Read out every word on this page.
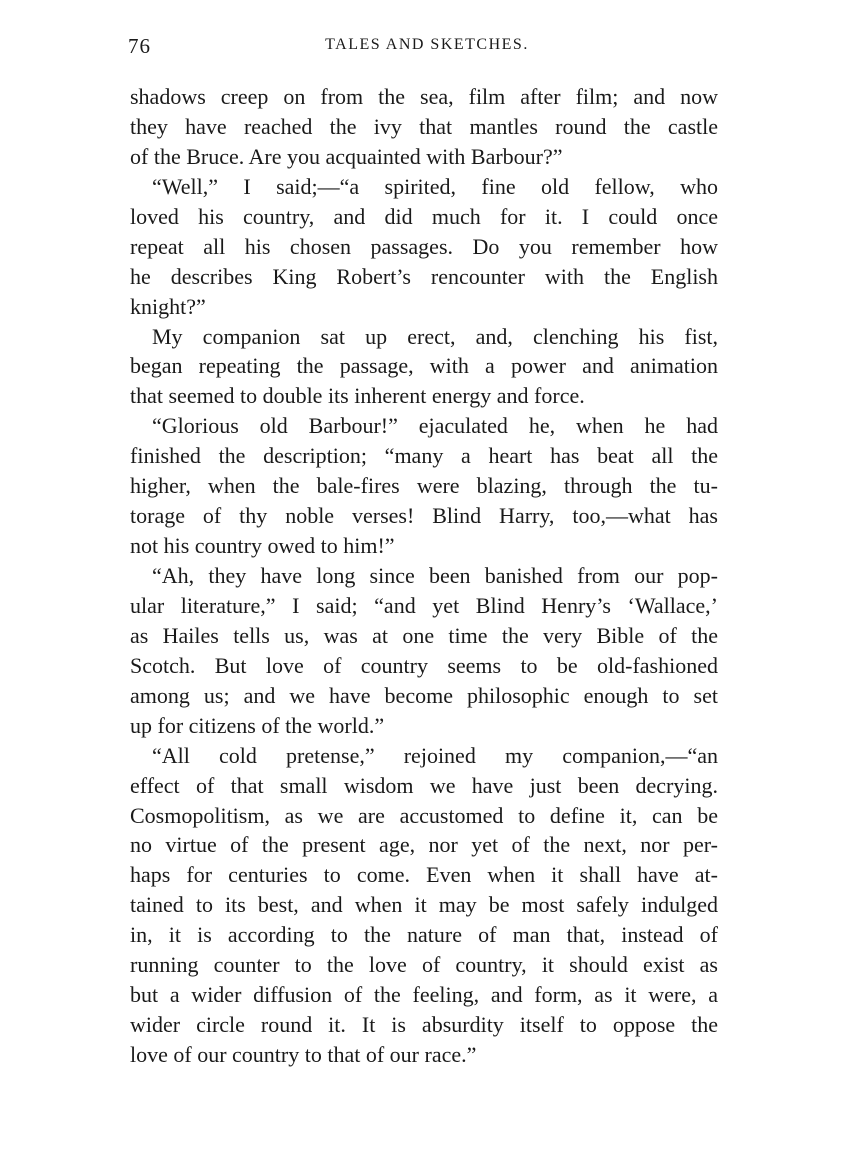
76	TALES AND SKETCHES.
shadows creep on from the sea, film after film; and now
they have reached the ivy that mantles round the castle
of the Bruce. Are you acquainted with Barbour?”
“Well,” I said;—“a spirited, fine old fellow, who
loved his country, and did much for it. I could once
repeat all his chosen passages. Do you remember how
he describes King Robert’s rencounter with the English
knight?”
My companion sat up erect, and, clenching his fist,
began repeating the passage, with a power and animation
that seemed to double its inherent energy and force.
“Glorious old Barbour!” ejaculated he, when he had
finished the description; “many a heart has beat all the
higher, when the bale-fires were blazing, through the tu-
torage of thy noble verses! Blind Harry, too,—what has
not his country owed to him!”
“Ah, they have long since been banished from our pop-
ular literature,” I said; “and yet Blind Henry’s ‘Wallace,’
as Hailes tells us, was at one time the very Bible of the
Scotch. But love of country seems to be old-fashioned
among us; and we have become philosophic enough to set
up for citizens of the world.”
“All cold pretense,” rejoined my companion,—“an
effect of that small wisdom we have just been decrying.
Cosmopolitism, as we are accustomed to define it, can be
no virtue of the present age, nor yet of the next, nor per-
haps for centuries to come. Even when it shall have at-
tained to its best, and when it may be most safely indulged
in, it is according to the nature of man that, instead of
running counter to the love of country, it should exist as
but a wider diffusion of the feeling, and form, as it were, a
wider circle round it. It is absurdity itself to oppose the
love of our country to that of our race.”
